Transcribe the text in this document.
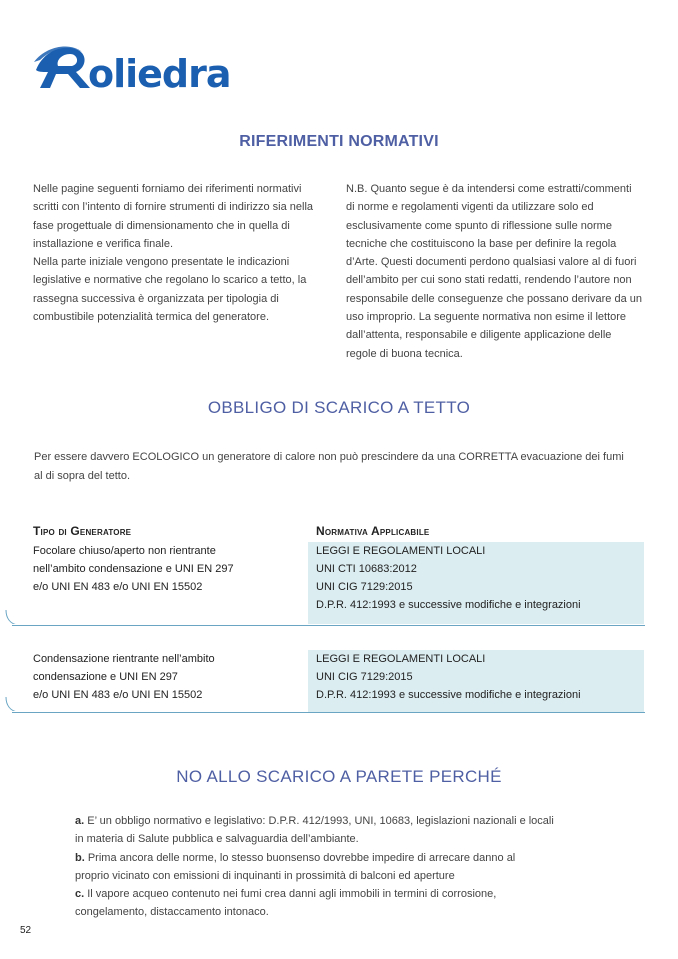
oliedra
RIFERIMENTI NORMATIVI

Nelle pagine seguenti forniamo dei riferimenti normativi

scritti con l’intento di fornire strumenti di indirizzo sia nella

fase progettuale di dimensionamento che in quella di

installazione e verifica finale.

Nella parte iniziale vengono presentate le indicazioni

legislative e normative che regolano lo scarico a tetto, la

rassegna successiva è organizzata per tipologia di

combustibile potenzialità termica del generatore.

N.B. Quanto segue è da intendersi come estratti/commenti

di norme e regolamenti vigenti da utilizzare solo ed

esclusivamente come spunto di riflessione sulle norme

tecniche che costituiscono la base per definire la regola

d’Arte. Questi documenti perdono qualsiasi valore al di fuori

dell’ambito per cui sono stati redatti, rendendo l’autore non

responsabile delle conseguenze che possano derivare da un

uso improprio. La seguente normativa non esime il lettore

dall’attenta, responsabile e diligente applicazione delle

regole di buona tecnica.

OBBLIGO DI SCARICO A TETTO
Per essere davvero ECOLOGICO un generatore di calore non può prescindere da una CORRETTA evacuazione dei fumi
al di sopra del tetto.
Tipo di Generatore	Normativa Applicabile
Focolare chiuso/aperto non rientrante
nell’ambito condensazione e UNI EN 297
e/o UNI EN 483 e/o UNI EN 15502
LEGGI E REGOLAMENTI LOCALI
UNI CTI 10683:2012
UNI CIG 7129:2015
D.P.R. 412:1993 e successive modifiche e integrazioni
Condensazione rientrante nell’ambito
condensazione e UNI EN 297
e/o UNI EN 483 e/o UNI EN 15502
LEGGI E REGOLAMENTI LOCALI
UNI CIG 7129:2015
D.P.R. 412:1993 e successive modifiche e integrazioni
NO ALLO SCARICO A PARETE PERCHÉ

a. E’ un obbligo normativo e legislativo: D.P.R. 412/1993, UNI, 10683, legislazioni nazionali e locali

in materia di Salute pubblica e salvaguardia dell’ambiante.

b. Prima ancora delle norme, lo stesso buonsenso dovrebbe impedire di arrecare danno al

proprio vicinato con emissioni di inquinanti in prossimità di balconi ed aperture

c. Il vapore acqueo contenuto nei fumi crea danni agli immobili in termini di corrosione,

congelamento, distaccamento intonaco.

52
